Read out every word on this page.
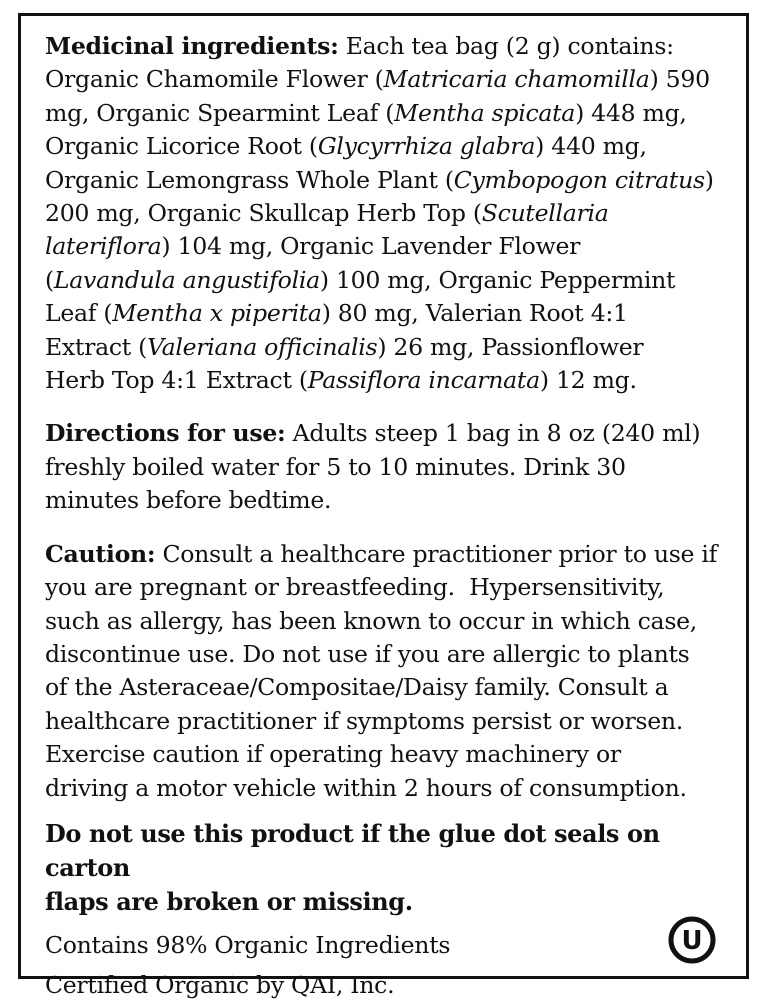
Medicinal ingredients: Each tea bag (2 g) contains:

Organic Chamomile Flower (Matricaria chamomilla) 590

mg, Organic Spearmint Leaf (Mentha spicata) 448 mg,

Organic Licorice Root (Glycyrrhiza glabra) 440 mg,

Organic Lemongrass Whole Plant (Cymbopogon citratus)

200 mg, Organic Skullcap Herb Top (Scutellaria

lateriflora) 104 mg, Organic Lavender Flower

(Lavandula angustifolia) 100 mg, Organic Peppermint

Leaf (Mentha x piperita) 80 mg, Valerian Root 4:1

Extract (Valeriana officinalis) 26 mg, Passionflower

Herb Top 4:1 Extract (Passiflora incarnata) 12 mg.

Directions for use: Adults steep 1 bag in 8 oz (240 ml)

freshly boiled water for 5 to 10 minutes. Drink 30

minutes before bedtime.

Caution: Consult a healthcare practitioner prior to use if

you are pregnant or breastfeeding.  Hypersensitivity,

such as allergy, has been known to occur in which case,

discontinue use. Do not use if you are allergic to plants

of the Asteraceae/Compositae/Daisy family. Consult a

healthcare practitioner if symptoms persist or worsen.

Exercise caution if operating heavy machinery or

driving a motor vehicle within 2 hours of consumption.

Do not use this product if the glue dot seals on carton

flaps are broken or missing.

Contains 98% Organic Ingredients
Certified Organic by QAI, Inc.
U
